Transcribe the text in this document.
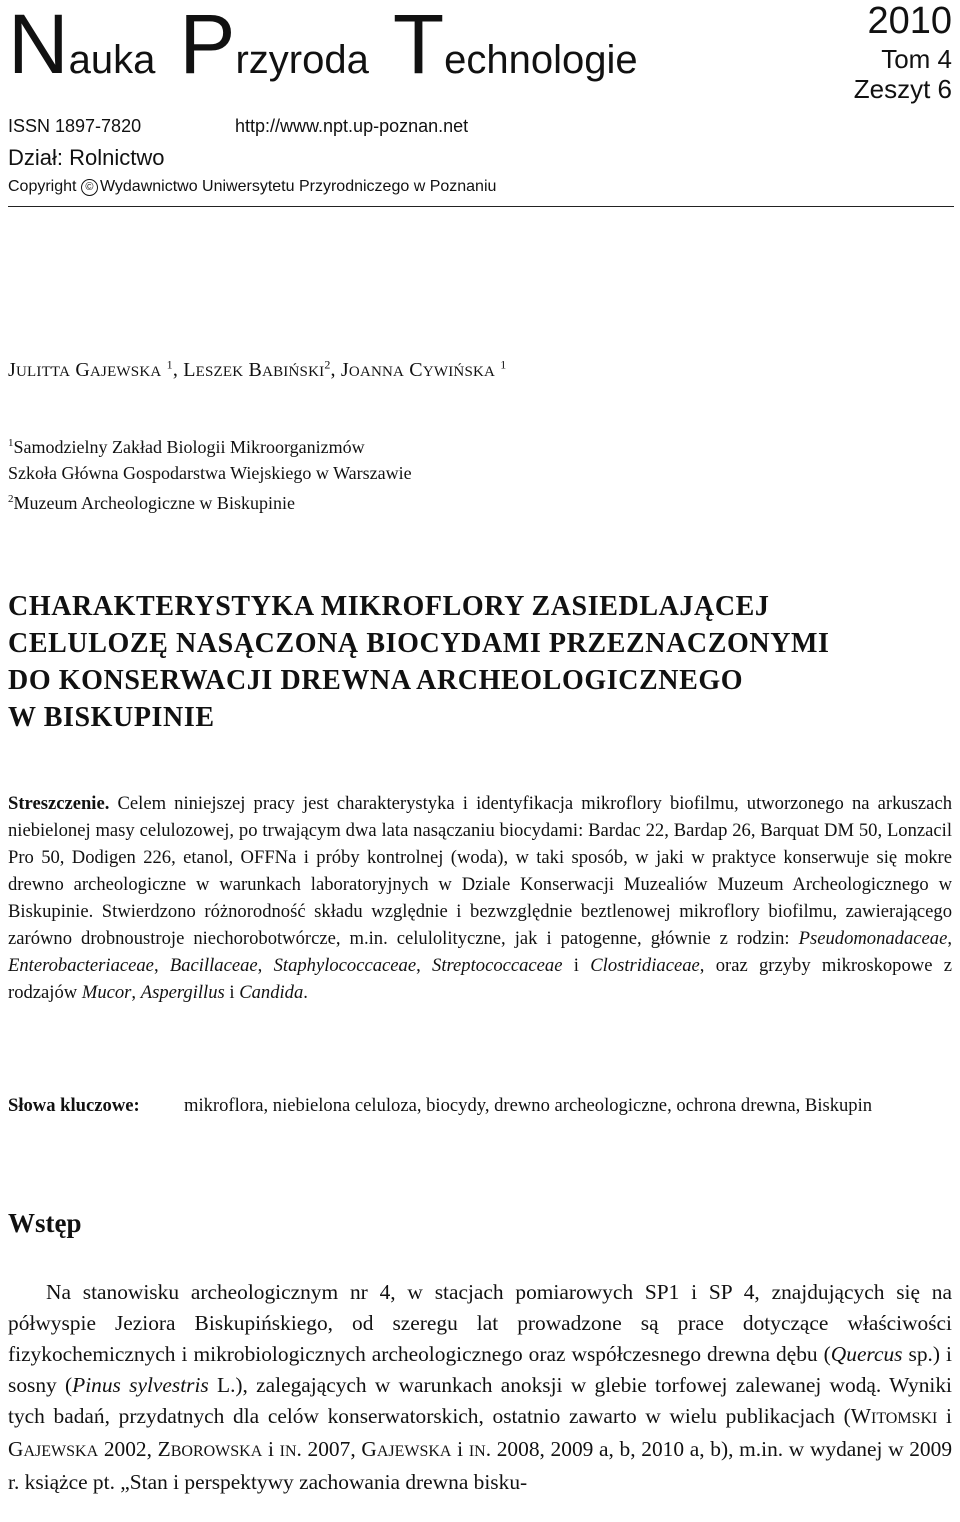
Nauka Przyroda Technologie
2010
Tom 4
Zeszyt 6
ISSN 1897-7820	http://www.npt.up-poznan.net
Dział: Rolnictwo
Copyright © Wydawnictwo Uniwersytetu Przyrodniczego w Poznaniu
JULITTA GAJEWSKA $^1$, LESZEK BABIŃSKI$^2$, JOANNA CYWIŃSKA $^1$
$^1$Samodzielny Zakład Biologii Mikroorganizmów
Szkoła Główna Gospodarstwa Wiejskiego w Warszawie
$^2$Muzeum Archeologiczne w Biskupinie
CHARAKTERYSTYKA MIKROFLORY ZASIEDLAJĄCEJ
CELULOZĘ NASĄCZONĄ BIOCYDAMI PRZEZNACZONYMI
DO KONSERWACJI DREWNA ARCHEOLOGICZNEGO
W BISKUPINIE
Streszczenie. Celem niniejszej pracy jest charakterystyka i identyfikacja mikroflory biofilmu, utworzonego na arkuszach niebielonej masy celulozowej, po trwającym dwa lata nasączaniu biocydami: Bardac 22, Bardap 26, Barquat DM 50, Lonzacil Pro 50, Dodigen 226, etanol, OFFNa i próby kontrolnej (woda), w taki sposób, w jaki w praktyce konserwuje się mokre drewno archeologiczne w warunkach laboratoryjnych w Dziale Konserwacji Muzealiów Muzeum Archeologicznego w Biskupinie. Stwierdzono różnorodność składu względnie i bezwzględnie beztlenowej mikroflory biofilmu, zawierającego zarówno drobnoustroje niechorobotwórcze, m.in. celulolityczne, jak i patogenne, głównie z rodzin: Pseudomonadaceae, Enterobacteriaceae, Bacillaceae, Staphylococcaceae, Streptococcaceae i Clostridiaceae, oraz grzyby mikroskopowe z rodzajów Mucor, Aspergillus i Candida.
Słowa kluczowe: mikroflora, niebielona celuloza, biocydy, drewno archeologiczne, ochrona drewna, Biskupin
Wstęp
Na stanowisku archeologicznym nr 4, w stacjach pomiarowych SP1 i SP 4, znajdujących się na półwyspie Jeziora Biskupińskiego, od szeregu lat prowadzone są prace dotyczące właściwości fizykochemicznych i mikrobiologicznych archeologicznego oraz współczesnego drewna dębu (Quercus sp.) i sosny (Pinus sylvestris L.), zalegających w warunkach anoksji w glebie torfowej zalewanej wodą. Wyniki tych badań, przydatnych dla celów konserwatorskich, ostatnio zawarto w wielu publikacjach (WITOMSKI i GAJEWSKA 2002, ZBOROWSKA i IN. 2007, GAJEWSKA i IN. 2008, 2009 a, b, 2010 a, b), m.in. w wydanej w 2009 r. książce pt. „Stan i perspektywy zachowania drewna bisku-
